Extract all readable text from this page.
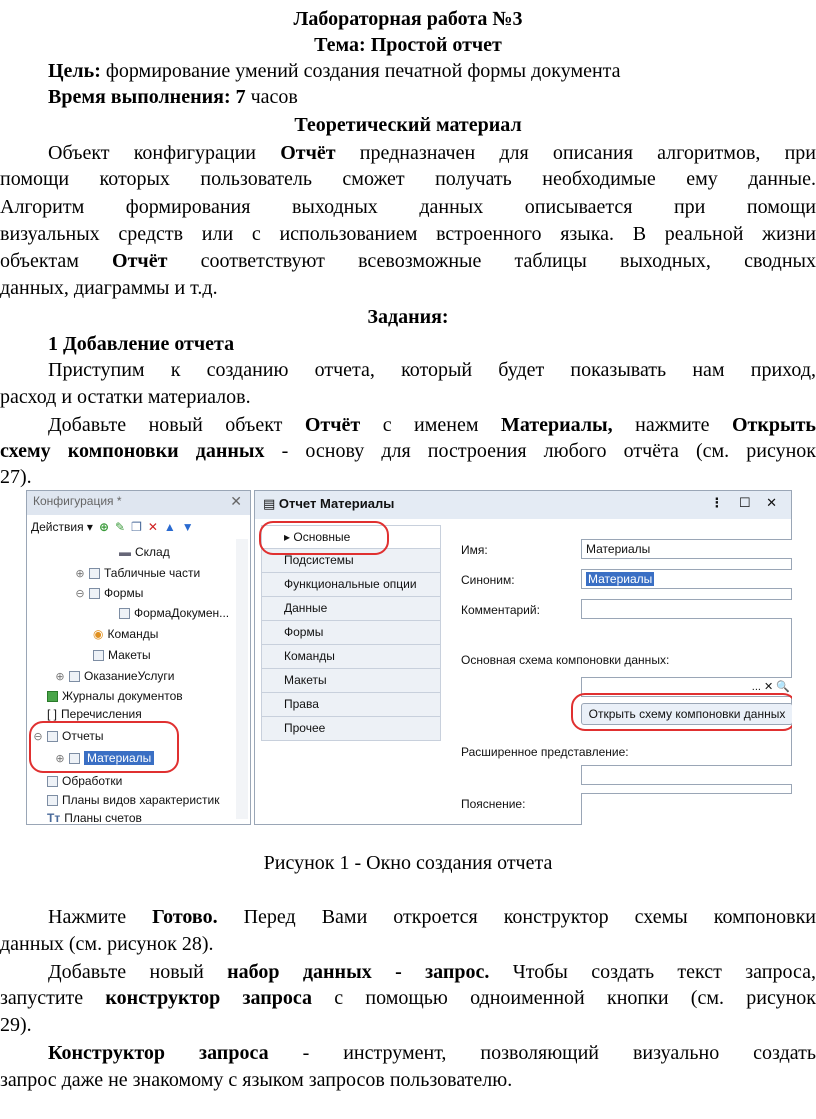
Лабораторная работа №3
Тема: Простой отчет
Цель: формирование умений создания печатной формы документа
Время выполнения: 7 часов
Теоретический материал
Объект конфигурации Отчёт предназначен для описания алгоритмов, при
помощи которых пользователь сможет получать необходимые ему данные.
Алгоритм формирования выходных данных описывается при помощи
визуальных средств или с использованием встроенного языка. В реальной жизни
объектам Отчёт соответствуют всевозможные таблицы выходных, сводных
данных, диаграммы и т.д.
Задания:
1 Добавление отчета
Приступим к созданию отчета, который будет показывать нам приход,
расход и остатки материалов.
Добавьте новый объект Отчёт с именем Материалы, нажмите Открыть
схему компоновки данных - основу для построения любого отчёта (см. рисунок
27).
Конфигурация *	✕
Действия ▾ ⊕ ✎ ❐ ✕ ▲ ▼
▬ Склад
⊕ Табличные части
⊖ Формы
ФормаДокумен...
◉ Команды
Макеты
⊕ ОказаниеУслуги
Журналы документов
[ ] Перечисления
⊖ Отчеты
⊕ Материалы
Обработки
Планы видов характеристик
Тт Планы счетов
▤ Отчет Материалы	⋮ ☐ ✕
▸ Основные
Подсистемы
Функциональные опции
Данные
Формы
Команды
Макеты
Права
Прочее
Имя:	Материалы
Синоним:	Материалы
Комментарий:
Основная схема компоновки данных:
... ✕ 🔍
Открыть схему компоновки данных
Расширенное представление:
Пояснение:
Рисунок 1 - Окно создания отчета
Нажмите Готово. Перед Вами откроется конструктор схемы компоновки
данных (см. рисунок 28).
Добавьте новый набор данных - запрос. Чтобы создать текст запроса,
запустите конструктор запроса с помощью одноименной кнопки (см. рисунок
29).
Конструктор запроса - инструмент, позволяющий визуально создать
запрос даже не знакомому с языком запросов пользователю.
